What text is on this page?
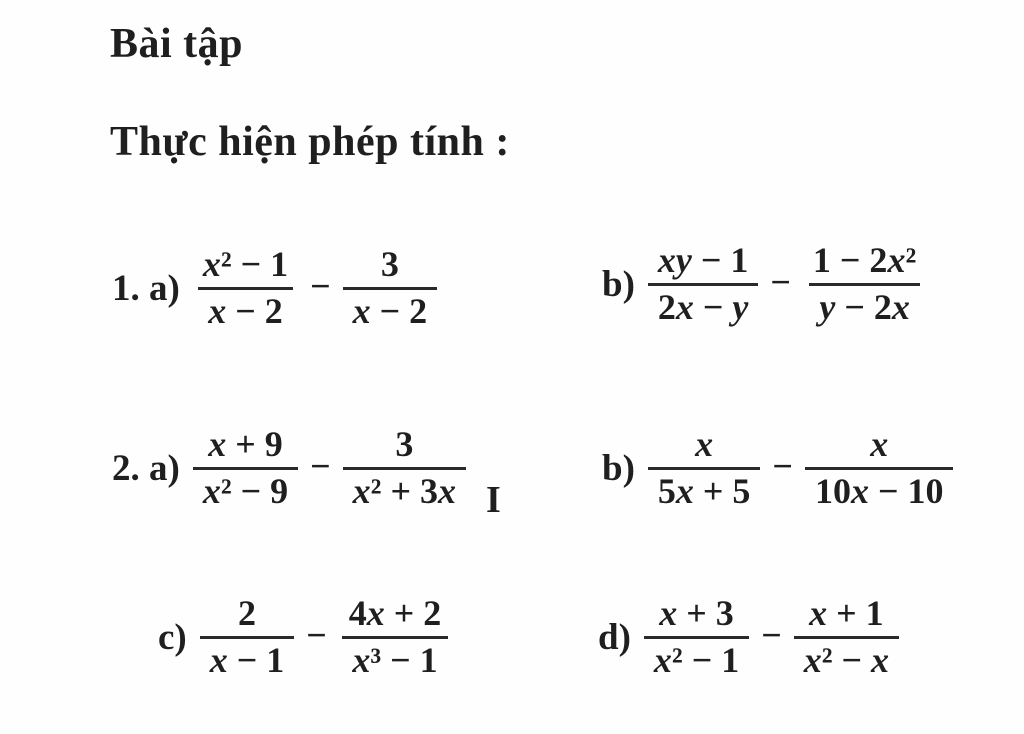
Bài tập
Thực hiện phép tính :
1. $a) \frac{\text{x² − 1}}{x - 2} - \frac{3}{x - 2}$	$b) \frac{xy - 1}{2x - y} - \frac{\text{1 − 2x²}}{y - 2x}$
2. $a) \frac{x + 9}{\text{x² − 9}} - \frac{3}{\text{x² + 3x}}$ I
$b) \frac{x}{5x + 5} - \frac{x}{10x - 10}$
$c) \frac{2}{x - 1} - \frac{4x + 2}{\text{x³ − 1}}$	$d) \frac{x + 3}{\text{x² − 1}} - \frac{x + 1}{\text{x² − x}}$
